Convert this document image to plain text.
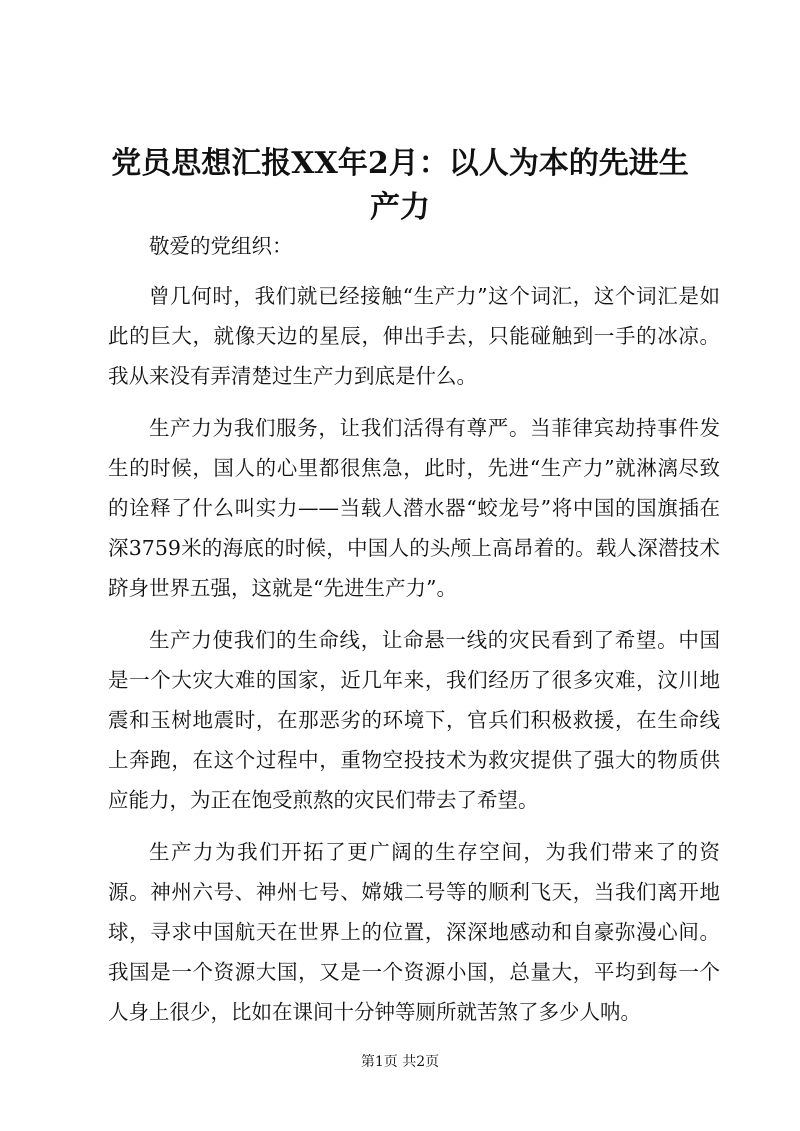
党员思想汇报XX年2月：以人为本的先进生产力

敬爱的党组织：

曾几何时，我们就已经接触“生产力”这个词汇，这个词汇是如此的巨大，就像天边的星辰，伸出手去，只能碰触到一手的冰凉。我从来没有弄清楚过生产力到底是什么。

生产力为我们服务，让我们活得有尊严。当菲律宾劫持事件发生的时候，国人的心里都很焦急，此时，先进“生产力”就淋漓尽致的诠释了什么叫实力——当载人潜水器“蛟龙号”将中国的国旗插在深3759米的海底的时候，中国人的头颅上高昂着的。载人深潜技术跻身世界五强，这就是“先进生产力”。

生产力使我们的生命线，让命悬一线的灾民看到了希望。中国是一个大灾大难的国家，近几年来，我们经历了很多灾难，汶川地震和玉树地震时，在那恶劣的环境下，官兵们积极救援，在生命线上奔跑，在这个过程中，重物空投技术为救灾提供了强大的物质供应能力，为正在饱受煎熬的灾民们带去了希望。

生产力为我们开拓了更广阔的生存空间，为我们带来了的资源。神州六号、神州七号、嫦娥二号等的顺利飞天，当我们离开地球，寻求中国航天在世界上的位置，深深地感动和自豪弥漫心间。我国是一个资源大国，又是一个资源小国，总量大，平均到每一个人身上很少，比如在课间十分钟等厕所就苦煞了多少人呐。

第1页 共2页
